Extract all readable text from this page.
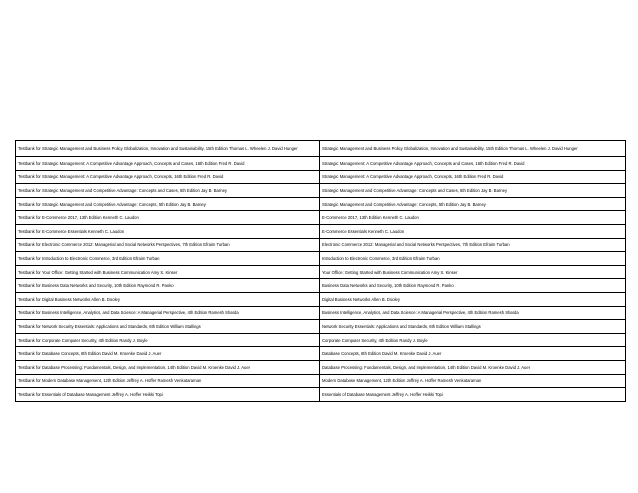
Testbank for Strategic Management and Business Policy Globalization, Innovation and Sustainability, 15th Edition Thomas L. Wheelen J. David Hunger	Strategic Management and Business Policy Globalization, Innovation and Sustainability, 15th Edition Thomas L. Wheelen J. David Hunger
Testbank for Strategic Management: A Competitive Advantage Approach, Concepts and Cases, 16th Edition Fred R. David	Strategic Management: A Competitive Advantage Approach, Concepts and Cases, 16th Edition Fred R. David
Testbank for Strategic Management: A Competitive Advantage Approach, Concepts, 16th Edition Fred R. David	Strategic Management: A Competitive Advantage Approach, Concepts, 16th Edition Fred R. David
Testbank for Strategic Management and Competitive Advantage: Concepts and Cases, 5th Edition Jay B. Barney	Strategic Management and Competitive Advantage: Concepts and Cases, 5th Edition Jay B. Barney
Testbank for Strategic Management and Competitive Advantage: Concepts, 5th Edition Jay B. Barney	Strategic Management and Competitive Advantage: Concepts, 5th Edition Jay B. Barney
Testbank for E-Commerce 2017, 13th Edition Kenneth C. Laudon	E-Commerce 2017, 13th Edition Kenneth C. Laudon
Testbank for E-Commerce Essentials Kenneth C. Laudon	E-Commerce Essentials Kenneth C. Laudon
Testbank for Electronic Commerce 2012: Managerial and Social Networks Perspectives, 7th Edition Efraim Turban	Electronic Commerce 2012: Managerial and Social Networks Perspectives, 7th Edition Efraim Turban
Testbank for Introduction to Electronic Commerce, 3rd Edition Efraim Turban	Introduction to Electronic Commerce, 3rd Edition Efraim Turban
Testbank for Your Office: Getting Started with Business Communication Amy S. Kinser	Your Office: Getting Started with Business Communication Amy S. Kinser
Testbank for Business Data Networks and Security, 10th Edition Raymond R. Panko	Business Data Networks and Security, 10th Edition Raymond R. Panko
Testbank for Digital Business Networks Allen B. Dooley	Digital Business Networks Allen B. Dooley
Testbank for Business Intelligence, Analytics, and Data Science: A Managerial Perspective, 4th Edition Ramesh Sharda	Business Intelligence, Analytics, and Data Science: A Managerial Perspective, 4th Edition Ramesh Sharda
Testbank for Network Security Essentials: Applications and Standards, 6th Edition William Stallings	Network Security Essentials: Applications and Standards, 6th Edition William Stallings
Testbank for Corporate Computer Security, 4th Edition Randy J. Boyle	Corporate Computer Security, 4th Edition Randy J. Boyle
Testbank for Database Concepts, 8th Edition David M. Kroenke David J. Auer	Database Concepts, 8th Edition David M. Kroenke David J. Auer
Testbank for Database Processing: Fundamentals, Design, and Implementation, 14th Edition David M. Kroenke David J. Auer	Database Processing: Fundamentals, Design, and Implementation, 14th Edition David M. Kroenke David J. Auer
Testbank for Modern Database Management, 12th Edition Jeffrey A. Hoffer Ramesh Venkataraman	Modern Database Management, 12th Edition Jeffrey A. Hoffer Ramesh Venkataraman
Testbank for Essentials of Database Management Jeffrey A. Hoffer Heikki Topi	Essentials of Database Management Jeffrey A. Hoffer Heikki Topi
